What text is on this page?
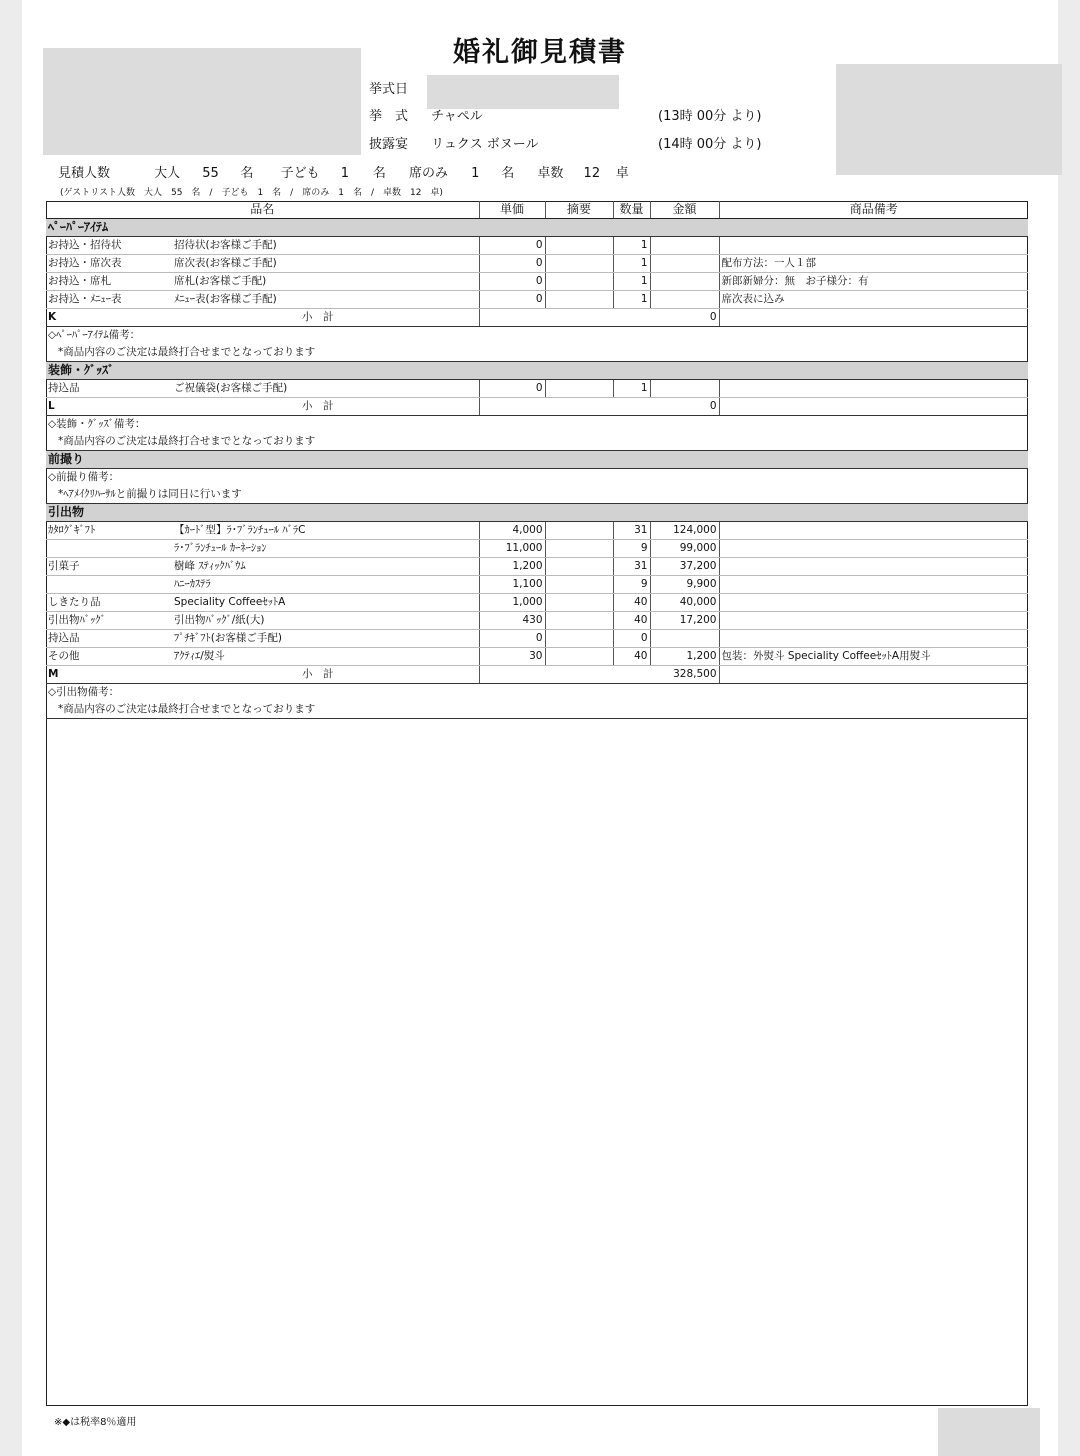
婚礼御見積書
挙式日
挙　式 チャペル	(13時 00分 より)
披露宴 リュクス ボヌール	(14時 00分 より)
見積人数	大人 55 名 子ども 1 名 席のみ 1 名 卓数 12 卓
(ゲストリスト人数　大人　55　名　/　子ども　1　名　/　席のみ　1　名　/　卓数　12　卓)
品名	単価	摘要	数量	金額	商品備考
ﾍﾟｰﾊﾟｰｱｲﾃﾑ					
お持込・招待状 招待状(お客様ご手配)	0		1		
お持込・席次表 席次表(お客様ご手配)	0		1		配布方法：一人１部
お持込・席札 席札(お客様ご手配)	0		1		新郎新婦分：無　お子様分：有
お持込・ﾒﾆｭｰ表 ﾒﾆｭｰ表(お客様ご手配)	0		1		席次表に込み
K 小　計	0				
◇ﾍﾟｰﾊﾟｰｱｲﾃﾑ備考：					
*商品内容のご決定は最終打合せまでとなっております					
装飾・ｸﾞｯｽﾞ					
持込品 ご祝儀袋(お客様ご手配)	0		1		
L 小　計	0				
◇装飾・ｸﾞｯｽﾞ備考：					
*商品内容のご決定は最終打合せまでとなっております					
前撮り					
◇前撮り備考：					
*ﾍｱﾒｲｸﾘﾊｰｻﾙと前撮りは同日に行います					
引出物					
ｶﾀﾛｸﾞｷﾞﾌﾄ 【ｶｰﾄﾞ型】ﾗ･ﾌﾞﾗﾝﾁｭｰﾙ ﾊﾞﾗC	4,000		31	124,000	
ﾗ･ﾌﾞﾗﾝﾁｭｰﾙ ｶｰﾈｰｼｮﾝ	11,000		9	99,000	
引菓子 樹峰 ｽﾃｨｯｸﾊﾞｳﾑ	1,200		31	37,200	
ﾊﾆｰｶｽﾃﾗ	1,100		9	9,900	
しきたり品 Speciality CoffeeｾｯﾄA	1,000		40	40,000	
引出物ﾊﾞｯｸﾞ 引出物ﾊﾞｯｸﾞ/紙(大)	430		40	17,200	
持込品 ﾌﾟﾁｷﾞﾌﾄ(お客様ご手配)	0		0		
その他 ｱｸﾃｨｴ/熨斗	30		40	1,200	包装：外熨斗 Speciality CoffeeｾｯﾄA用熨斗
M 小　計	328,500				
◇引出物備考：					
*商品内容のご決定は最終打合せまでとなっております					
※◆は税率8％適用
